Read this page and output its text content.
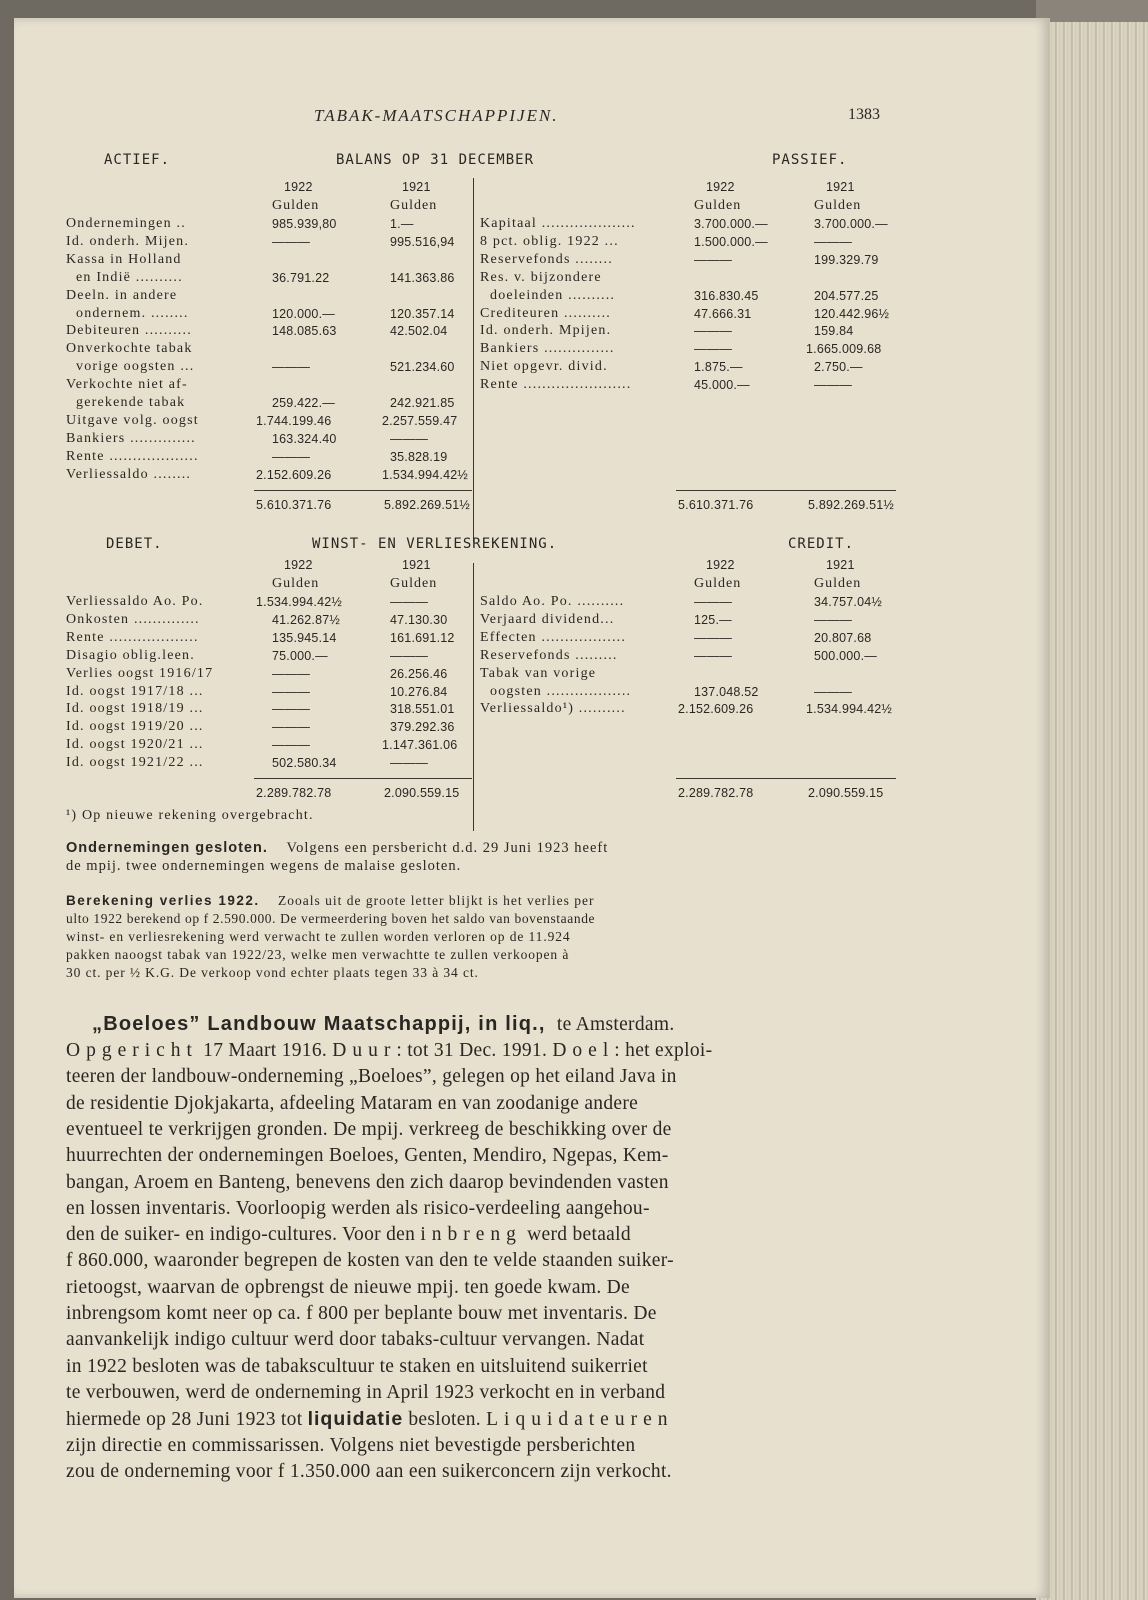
TABAK-MAATSCHAPPIJEN.	1383
ACTIEF.	BALANS OP 31 DECEMBER	PASSIEF.
1922	1921
Gulden	Gulden
Ondernemingen ..	985.939,80	1.—
Id. onderh. Mijen.	———	995.516,94
Kassa in Holland
en Indië ..........	36.791.22	141.363.86
Deeln. in andere
ondernem. ........	120.000.—	120.357.14
Debiteuren ..........	148.085.63	42.502.04
Onverkochte tabak
vorige oogsten ...	———	521.234.60
Verkochte niet af-
gerekende tabak	259.422.—	242.921.85
Uitgave volg. oogst	1.744.199.46	2.257.559.47
Bankiers ..............	163.324.40	———
Rente ...................	———	35.828.19
Verliessaldo ........	2.152.609.26	1.534.994.42½
5.610.371.76	5.892.269.51½
1922	1921
Gulden	Gulden
Kapitaal ....................	3.700.000.—	3.700.000.—
8 pct. oblig. 1922 ...	1.500.000.—	———
Reservefonds ........	———	199.329.79
Res. v. bijzondere
doeleinden ..........	316.830.45	204.577.25
Crediteuren ..........	47.666.31	120.442.96½
Id. onderh. Mpijen.	———	159.84
Bankiers ...............	———	1.665.009.68
Niet opgevr. divid.	1.875.—	2.750.—
Rente .......................	45.000.—	———
5.610.371.76	5.892.269.51½
DEBET.	WINST- EN VERLIESREKENING.	CREDIT.
1922	1921
Gulden	Gulden
Verliessaldo Ao. Po.	1.534.994.42½	———
Onkosten ..............	41.262.87½	47.130.30
Rente ...................	135.945.14	161.691.12
Disagio oblig.leen.	75.000.—	———
Verlies oogst 1916/17	———	26.256.46
Id. oogst 1917/18 ...	———	10.276.84
Id. oogst 1918/19 ...	———	318.551.01
Id. oogst 1919/20 ...	———	379.292.36
Id. oogst 1920/21 ...	———	1.147.361.06
Id. oogst 1921/22 ...	502.580.34	———
2.289.782.78	2.090.559.15
1922	1921
Gulden	Gulden
Saldo Ao. Po. ..........	———	34.757.04½
Verjaard dividend...	125.—	———
Effecten ..................	———	20.807.68
Reservefonds .........	———	500.000.—
Tabak van vorige
oogsten ..................	137.048.52	———
Verliessaldo¹) ..........	2.152.609.26	1.534.994.42½
2.289.782.78	2.090.559.15
¹) Op nieuwe rekening overgebracht.
Ondernemingen gesloten. Volgens een persbericht d.d. 29 Juni 1923 heeft
de mpij. twee ondernemingen wegens de malaise gesloten.
Berekening verlies 1922. Zooals uit de groote letter blijkt is het verlies per
ulto 1922 berekend op f 2.590.000. De vermeerdering boven het saldo van bovenstaande
winst- en verliesrekening werd verwacht te zullen worden verloren op de 11.924
pakken naoogst tabak van 1922/23, welke men verwachtte te zullen verkoopen à
30 ct. per ½ K.G. De verkoop vond echter plaats tegen 33 à 34 ct.
„Boeloes” Landbouw Maatschappij, in liq., te Amsterdam.
Opgericht 17 Maart 1916. Duur: tot 31 Dec. 1991. Doel: het exploi-
teeren der landbouw-onderneming „Boeloes”, gelegen op het eiland Java in
de residentie Djokjakarta, afdeeling Mataram en van zoodanige andere
eventueel te verkrijgen gronden. De mpij. verkreeg de beschikking over de
huurrechten der ondernemingen Boeloes, Genten, Mendiro, Ngepas, Kem-
bangan, Aroem en Banteng, benevens den zich daarop bevindenden vasten
en lossen inventaris. Voorloopig werden als risico-verdeeling aangehou-
den de suiker- en indigo-cultures. Voor den inbreng werd betaald
f 860.000, waaronder begrepen de kosten van den te velde staanden suiker-
rietoogst, waarvan de opbrengst de nieuwe mpij. ten goede kwam. De
inbrengsom komt neer op ca. f 800 per beplante bouw met inventaris. De
aanvankelijk indigo cultuur werd door tabaks-cultuur vervangen. Nadat
in 1922 besloten was de tabakscultuur te staken en uitsluitend suikerriet
te verbouwen, werd de onderneming in April 1923 verkocht en in verband
hiermede op 28 Juni 1923 tot liquidatie besloten. Liquidateuren
zijn directie en commissarissen. Volgens niet bevestigde persberichten
zou de onderneming voor f 1.350.000 aan een suikerconcern zijn verkocht.
